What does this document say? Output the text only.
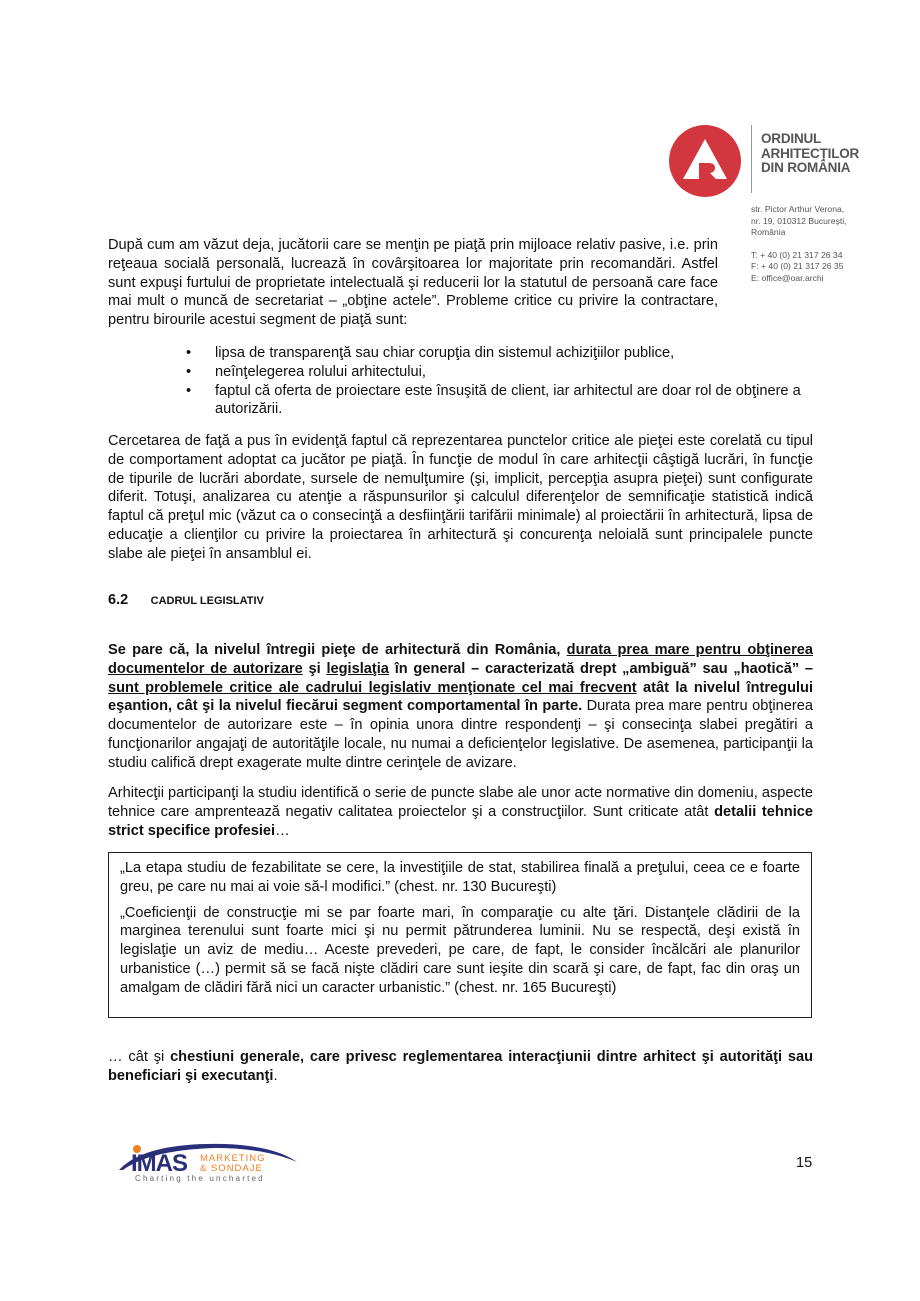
ORDINUL
ARHITECȚILOR
DIN ROMÂNIA
str. Pictor Arthur Verona,
nr. 19, 010312 București,
România
T: + 40 (0) 21 317 26 34
F: + 40 (0) 21 317 26 35
E: office@oar.archi

După cum am văzut deja, jucătorii care se menţin pe piaţă prin mijloace relativ pasive, i.e. prin reţeaua socială personală, lucrează în covârşitoarea lor majoritate prin recomandări. Astfel sunt expuşi furtului de proprietate intelectuală şi reducerii lor la statutul de persoană care face mai mult o muncă de secretariat – „obţine actele”. Probleme critice cu privire la contractare, pentru birourile acestui segment de piaţă sunt:

• lipsa de transparenţă sau chiar corupţia din sistemul achiziţiilor publice,
• neînţelegerea rolului arhitectului,
• faptul că oferta de proiectare este însuşită de client, iar arhitectul are doar rol de obţinere a autorizării.

Cercetarea de faţă a pus în evidenţă faptul că reprezentarea punctelor critice ale pieţei este corelată cu tipul de comportament adoptat ca jucător pe piaţă. În funcţie de modul în care arhitecţii câştigă lucrări, în funcţie de tipurile de lucrări abordate, sursele de nemulţumire (şi, implicit, percepţia asupra pieţei) sunt configurate diferit. Totuşi, analizarea cu atenţie a răspunsurilor şi calculul diferenţelor de semnificaţie statistică indică faptul că preţul mic (văzut ca o consecinţă a desfiinţării tarifării minimale) al proiectării în arhitectură, lipsa de educaţie a clienţilor cu privire la proiectarea în arhitectură şi concurenţa neloială sunt principalele puncte slabe ale pieţei în ansamblul ei.

6.2 CADRUL LEGISLATIV

Se pare că, la nivelul întregii pieţe de arhitectură din România, durata prea mare pentru obţinerea documentelor de autorizare şi legislaţia în general – caracterizată drept „ambiguă” sau „haotică” – sunt problemele critice ale cadrului legislativ menţionate cel mai frecvent atât la nivelul întregului eşantion, cât şi la nivelul fiecărui segment comportamental în parte. Durata prea mare pentru obţinerea documentelor de autorizare este – în opinia unora dintre respondenţi – şi consecinţa slabei pregătiri a funcţionarilor angajaţi de autorităţile locale, nu numai a deficienţelor legislative. De asemenea, participanţii la studiu califică drept exagerate multe dintre cerinţele de avizare.

Arhitecţii participanţi la studiu identifică o serie de puncte slabe ale unor acte normative din domeniu, aspecte tehnice care amprentează negativ calitatea proiectelor şi a construcţiilor. Sunt criticate atât detalii tehnice strict specifice profesiei…

„La etapa studiu de fezabilitate se cere, la investiţiile de stat, stabilirea finală a preţului, ceea ce e foarte greu, pe care nu mai ai voie să-l modifici.” (chest. nr. 130 Bucureşti)

„Coeficienţii de construcţie mi se par foarte mari, în comparaţie cu alte ţări. Distanţele clădirii de la marginea terenului sunt foarte mici şi nu permit pătrunderea luminii. Nu se respectă, deşi există în legislaţie un aviz de mediu… Aceste prevederi, pe care, de fapt, le consider încălcări ale planurilor urbanistice (…) permit să se facă nişte clădiri care sunt ieşite din scară şi care, de fapt, fac din oraş un amalgam de clădiri fără nici un caracter urbanistic.” (chest. nr. 165 Bucureşti)

… cât şi chestiuni generale, care privesc reglementarea interacţiunii dintre arhitect şi autorităţi sau beneficiari şi executanţi.

IMAS MARKETING
& SONDAJE
Charting the uncharted
15
